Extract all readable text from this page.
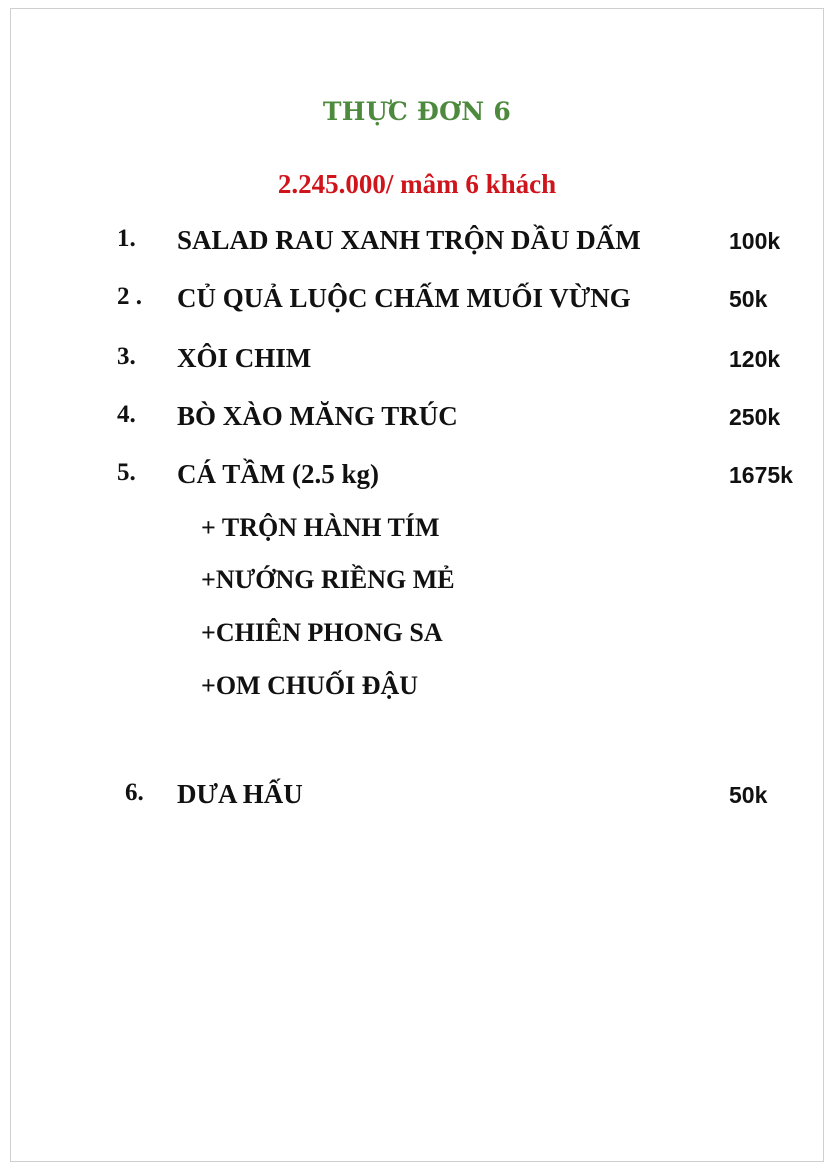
THỰC ĐƠN 6
2.245.000/ mâm 6 khách
1. SALAD RAU XANH TRỘN DẦU DẤM	100k
2 . CỦ QUẢ LUỘC CHẤM MUỐI VỪNG	50k
3. XÔI CHIM	120k
4. BÒ XÀO MĂNG TRÚC	250k
5. CÁ TẦM (2.5 kg)	1675k
+ TRỘN HÀNH TÍM
+NƯỚNG RIỀNG MẺ
+CHIÊN PHONG SA
+OM CHUỐI ĐẬU
6. DƯA HẤU	50k
